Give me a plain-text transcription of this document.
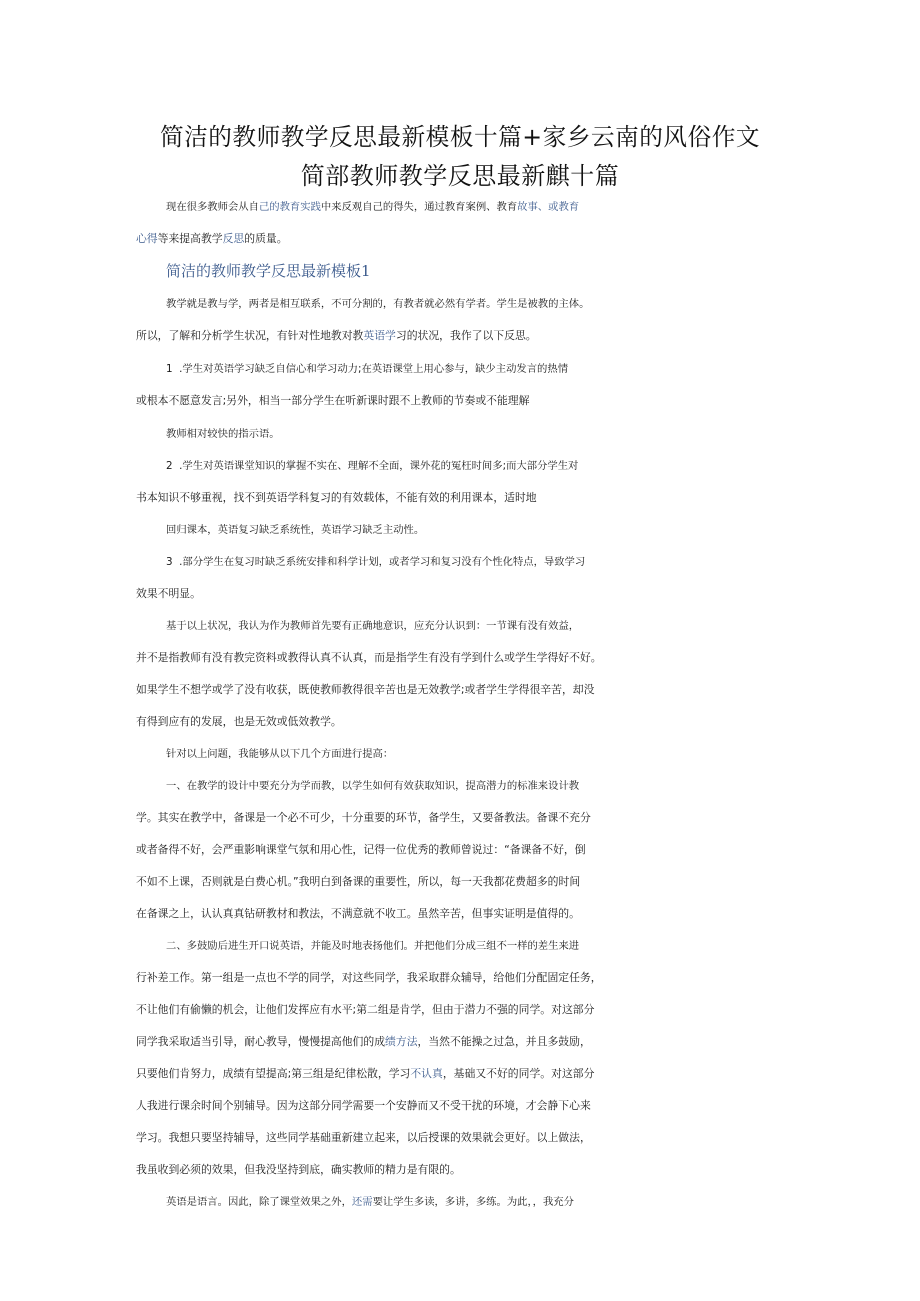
简洁的教师教学反思最新模板十篇+家乡云南的风俗作文
简部教师教学反思最新麒十篇
现在很多教师会从自己的教育实践中来反观自己的得失，通过教育案例、教育故事、或教育
心得等来提高教学反思的质量。
简洁的教师教学反思最新模板1
教学就是教与学，两者是相互联系，不可分割的，有教者就必然有学者。学生是被教的主体。
所以，了解和分析学生状况，有针对性地教对教英语学习的状况，我作了以下反思。
1  .学生对英语学习缺乏自信心和学习动力;在英语课堂上用心参与，缺少主动发言的热情
或根本不愿意发言;另外，相当一部分学生在听新课时跟不上教师的节奏或不能理解
教师相对较快的指示语。
2  .学生对英语课堂知识的掌握不实在、理解不全面，课外花的冤枉时间多;而大部分学生对
书本知识不够重视，找不到英语学科复习的有效载体，不能有效的利用课本，适时地
回归课本，英语复习缺乏系统性，英语学习缺乏主动性。
3  .部分学生在复习时缺乏系统安排和科学计划，或者学习和复习没有个性化特点，导致学习
效果不明显。
基于以上状况，我认为作为教师首先要有正确地意识，应充分认识到：一节课有没有效益，
并不是指教师有没有教完资料或教得认真不认真，而是指学生有没有学到什么或学生学得好不好。
如果学生不想学或学了没有收获，既使教师教得很辛苦也是无效教学;或者学生学得很辛苦，却没
有得到应有的发展，也是无效或低效教学。
针对以上问题，我能够从以下几个方面进行提高：
一、在教学的设计中要充分为学而教，以学生如何有效获取知识，提高潜力的标准来设计教
学。其实在教学中，备课是一个必不可少，十分重要的环节，备学生，又要备教法。备课不充分
或者备得不好，会严重影响课堂气氛和用心性，记得一位优秀的教师曾说过：“备课备不好，倒
不如不上课，否则就是白费心机。”我明白到备课的重要性，所以，每一天我都花费超多的时间
在备课之上，认认真真钻研教材和教法，不满意就不收工。虽然辛苦，但事实证明是值得的。
二、多鼓励后进生开口说英语，并能及时地表扬他们。并把他们分成三组不一样的差生来进
行补差工作。第一组是一点也不学的同学，对这些同学，我采取群众辅导，给他们分配固定任务，
不让他们有偷懒的机会，让他们发挥应有水平;第二组是肯学，但由于潜力不强的同学。对这部分
同学我采取适当引导，耐心教导，慢慢提高他们的成绩方法，当然不能操之过急，并且多鼓励，
只要他们肯努力，成绩有望提高;第三组是纪律松散，学习不认真，基础又不好的同学。对这部分
人我进行课余时间个别辅导。因为这部分同学需要一个安静而又不受干扰的环境，才会静下心来
学习。我想只要坚持辅导，这些同学基础重新建立起来，以后授课的效果就会更好。以上做法，
我虽收到必须的效果，但我没坚持到底，确实教师的精力是有限的。
英语是语言。因此，除了课堂效果之外，还需要让学生多读，多讲，多练。为此，，我充分
